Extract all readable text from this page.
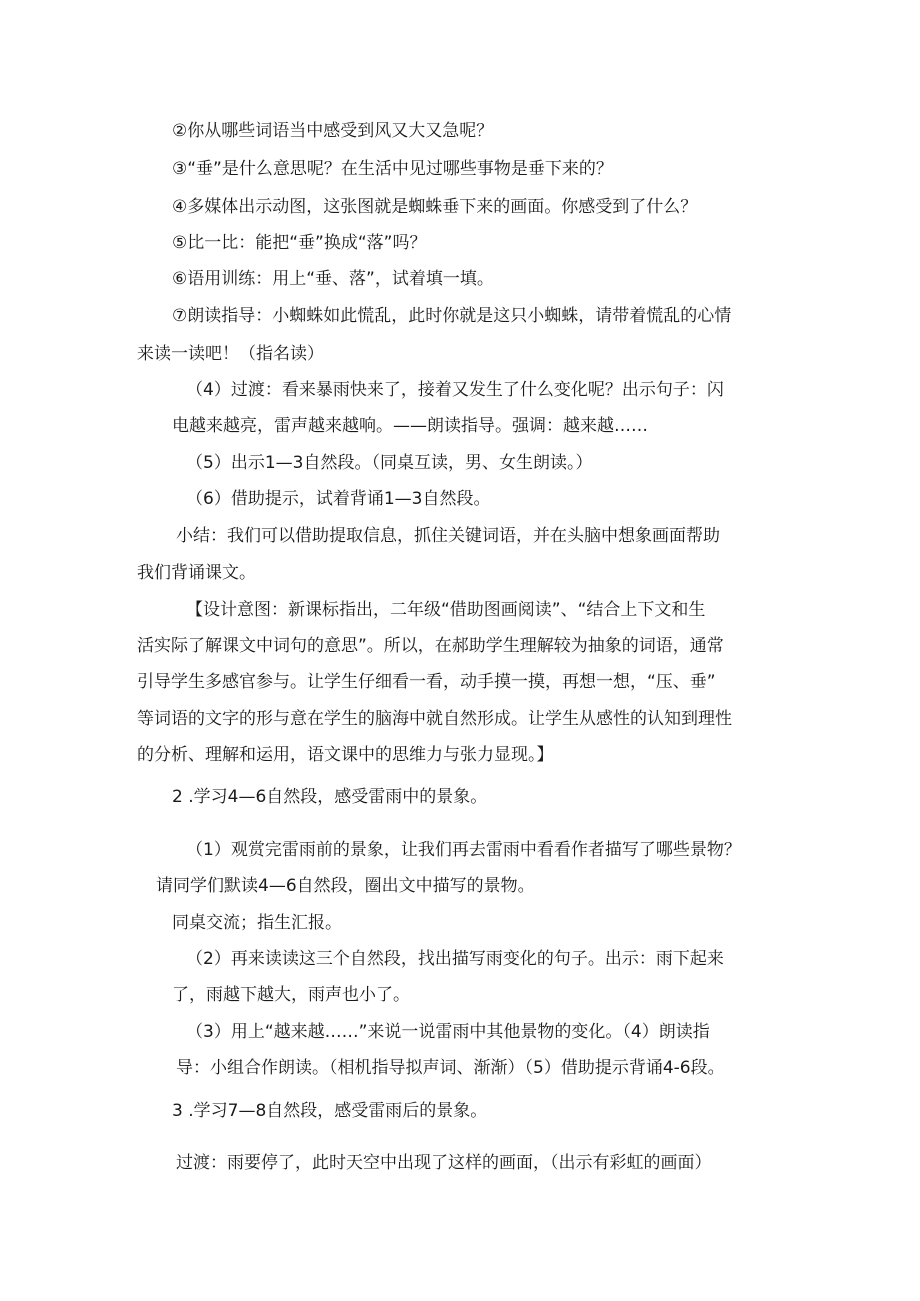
②你从哪些词语当中感受到风又大又急呢？
③“垂”是什么意思呢？在生活中见过哪些事物是垂下来的？
④多媒体出示动图，这张图就是蜘蛛垂下来的画面。你感受到了什么？
⑤比一比：能把“垂”换成“落”吗？
⑥语用训练：用上“垂、落”，试着填一填。
⑦朗读指导：小蜘蛛如此慌乱，此时你就是这只小蜘蛛，请带着慌乱的心情
来读一读吧！（指名读）
（4）过渡：看来暴雨快来了，接着又发生了什么变化呢？出示句子：闪
电越来越亮，雷声越来越响。——朗读指导。强调：越来越……
（5）出示1—3自然段。（同桌互读，男、女生朗读。）
（6）借助提示，试着背诵1—3自然段。
小结：我们可以借助提取信息，抓住关键词语，并在头脑中想象画面帮助
我们背诵课文。
【设计意图：新课标指出，二年级“借助图画阅读”、“结合上下文和生
活实际了解课文中词句的意思”。所以，在郝助学生理解较为抽象的词语，通常
引导学生多感官参与。让学生仔细看一看，动手摸一摸，再想一想，“压、垂”
等词语的文字的形与意在学生的脑海中就自然形成。让学生从感性的认知到理性
的分析、理解和运用，语文课中的思维力与张力显现。】
2 .学习4—6自然段，感受雷雨中的景象。
（1）观赏完雷雨前的景象，让我们再去雷雨中看看作者描写了哪些景物？
请同学们默读4—6自然段，圈出文中描写的景物。
同桌交流；指生汇报。
（2）再来读读这三个自然段，找出描写雨变化的句子。出示：雨下起来
了，雨越下越大，雨声也小了。
（3）用上“越来越……”来说一说雷雨中其他景物的变化。（4）朗读指
导：小组合作朗读。（相机指导拟声词、渐渐）（5）借助提示背诵4-6段。
3 .学习7—8自然段，感受雷雨后的景象。
过渡：雨要停了，此时天空中出现了这样的画面，（出示有彩虹的画面）
